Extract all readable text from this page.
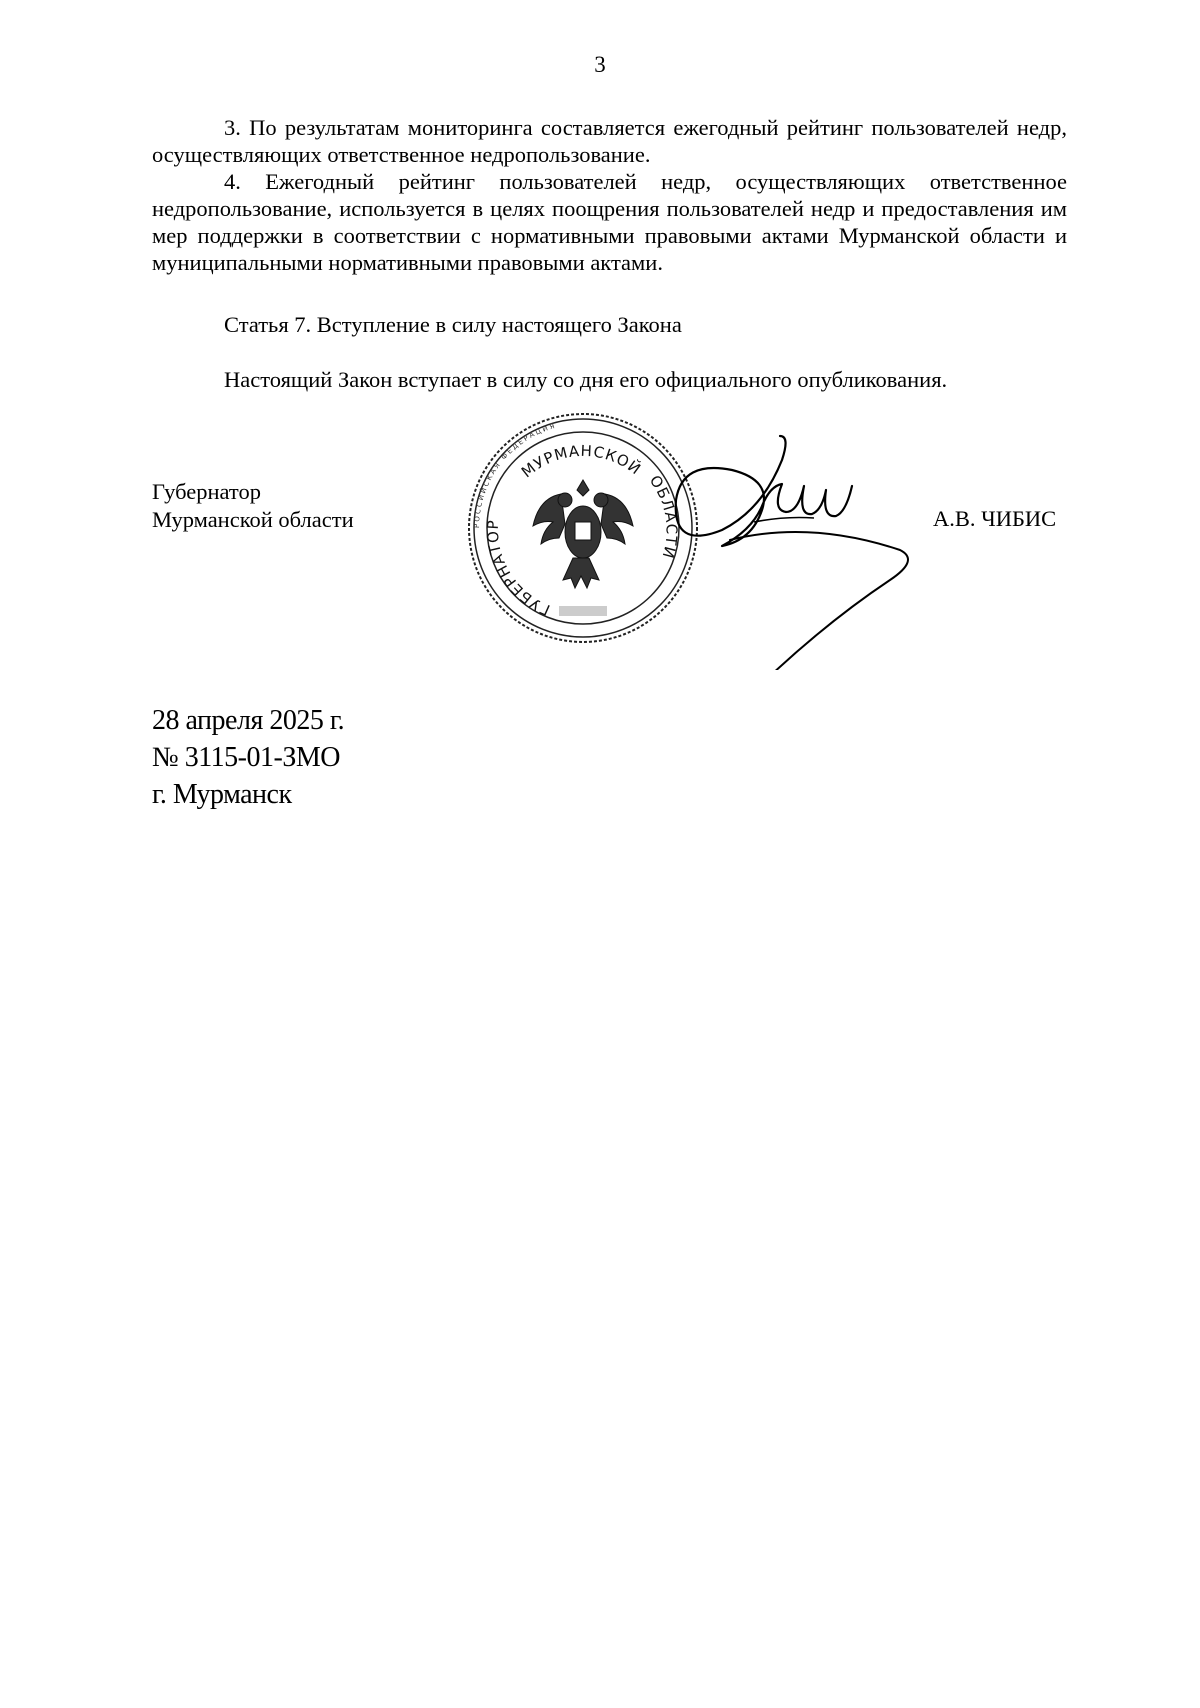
3

3. По результатам мониторинга составляется ежегодный рейтинг пользователей недр, осуществляющих ответственное недропользование.

4. Ежегодный рейтинг пользователей недр, осуществляющих ответственное недропользование, используется в целях поощрения пользователей недр и предоставления им мер поддержки в соответствии с нормативными правовыми актами Мурманской области и муниципальными нормативными правовыми актами.

Статья 7. Вступление в силу настоящего Закона
Настоящий Закон вступает в силу со дня его официального опубликования.
Губернатор
Мурманской области	РОССИЙСКАЯ ФЕДЕРАЦИЯ
МУРМАНСКОЙ
ГУБЕРНАТОР
ОБЛАСТИ
А.В. ЧИБИС
28 апреля 2025 г.
№ 3115-01-ЗМО
г. Мурманск
